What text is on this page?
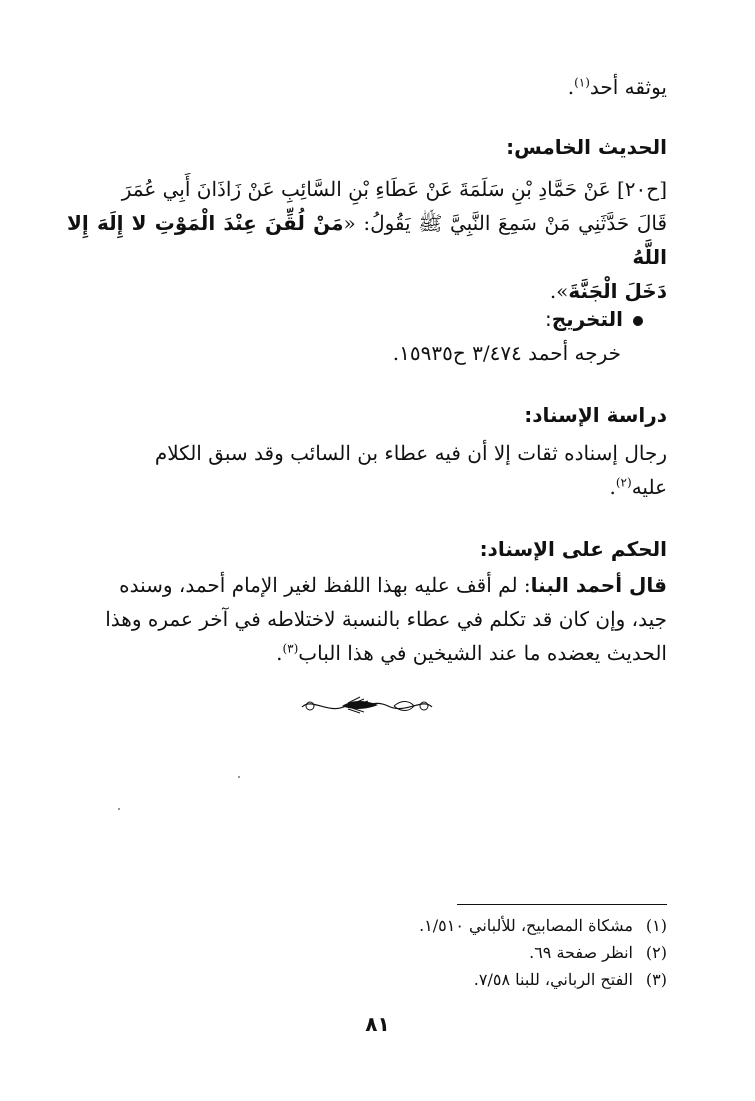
يوثقه أحد$^{(١)}$.
الحديث الخامس:
[ح٢٠] عَنْ حَمَّادِ بْنِ سَلَمَةَ عَنْ عَطَاءِ بْنِ السَّائِبِ عَنْ زَاذَانَ أَبِي عُمَرَ
قَالَ حَدَّثَنِي مَنْ سَمِعَ النَّبِيَّ ﷺ يَقُولُ: «مَنْ لُقِّنَ عِنْدَ الْمَوْتِ لا إِلَهَ إِلا اللَّهُ
دَخَلَ الْجَنَّةَ».
التخريج:
خرجه أحمد ٣/٤٧٤ ح١٥٩٣٥.
دراسة الإسناد:
رجال إسناده ثقات إلا أن فيه عطاء بن السائب وقد سبق الكلام
عليه$^{(٢)}$.
الحكم على الإسناد:
قال أحمد البنا: لم أقف عليه بهذا اللفظ لغير الإمام أحمد، وسنده
جيد، وإن كان قد تكلم في عطاء بالنسبة لاختلاطه في آخر عمره وهذا
الحديث يعضده ما عند الشيخين في هذا الباب$^{(٣)}$.
(١)مشكاة المصابيح، للألباني ١/٥١٠.
(٢)انظر صفحة ٦٩.
(٣)الفتح الرباني، للبنا ٧/٥٨.
٨١
